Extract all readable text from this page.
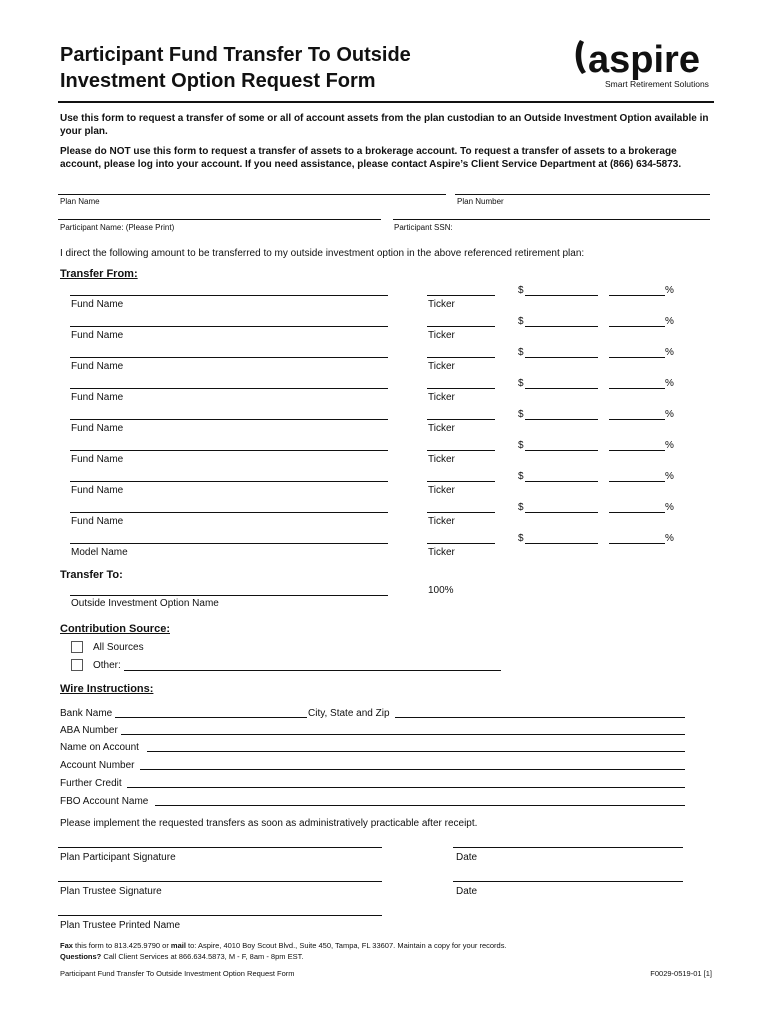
Participant Fund Transfer To Outside
Investment Option Request Form	aspire
Smart Retirement Solutions
Use this form to request a transfer of some or all of account assets from the plan custodian to an Outside Investment Option available in your plan.
Please do NOT use this form to request a transfer of assets to a brokerage account. To request a transfer of assets to a brokerage account, please log into your account. If you need assistance, please contact Aspire’s Client Service Department at (866) 634-5873.
Plan Name	Plan Number
Participant Name: (Please Print)	Participant SSN:
I direct the following amount to be transferred to my outside investment option in the above referenced retirement plan:
Transfer From:
Fund Name	Ticker
$	%
Fund Name	Ticker
$	%
Fund Name	Ticker
$	%
Fund Name	Ticker
$	%
Fund Name	Ticker
$	%
Fund Name	Ticker
$	%
Fund Name	Ticker
$	%
Fund Name	Ticker
$	%
Model Name	Ticker
$	%
Transfer To:
Outside Investment Option Name
100%
Contribution Source:
All Sources
Other:
Wire Instructions:
Bank Name	City, State and Zip
ABA Number
Name on Account
Account Number
Further Credit
FBO Account Name
Please implement the requested transfers as soon as administratively practicable after receipt.
Plan Participant Signature	Date
Plan Trustee Signature	Date
Plan Trustee Printed Name
Fax this form to 813.425.9790 or mail to: Aspire, 4010 Boy Scout Blvd., Suite 450, Tampa, FL 33607. Maintain a copy for your records.
Questions? Call Client Services at 866.634.5873, M - F, 8am - 8pm EST.
Participant Fund Transfer To Outside Investment Option Request Form	F0029-0519-01 [1]
